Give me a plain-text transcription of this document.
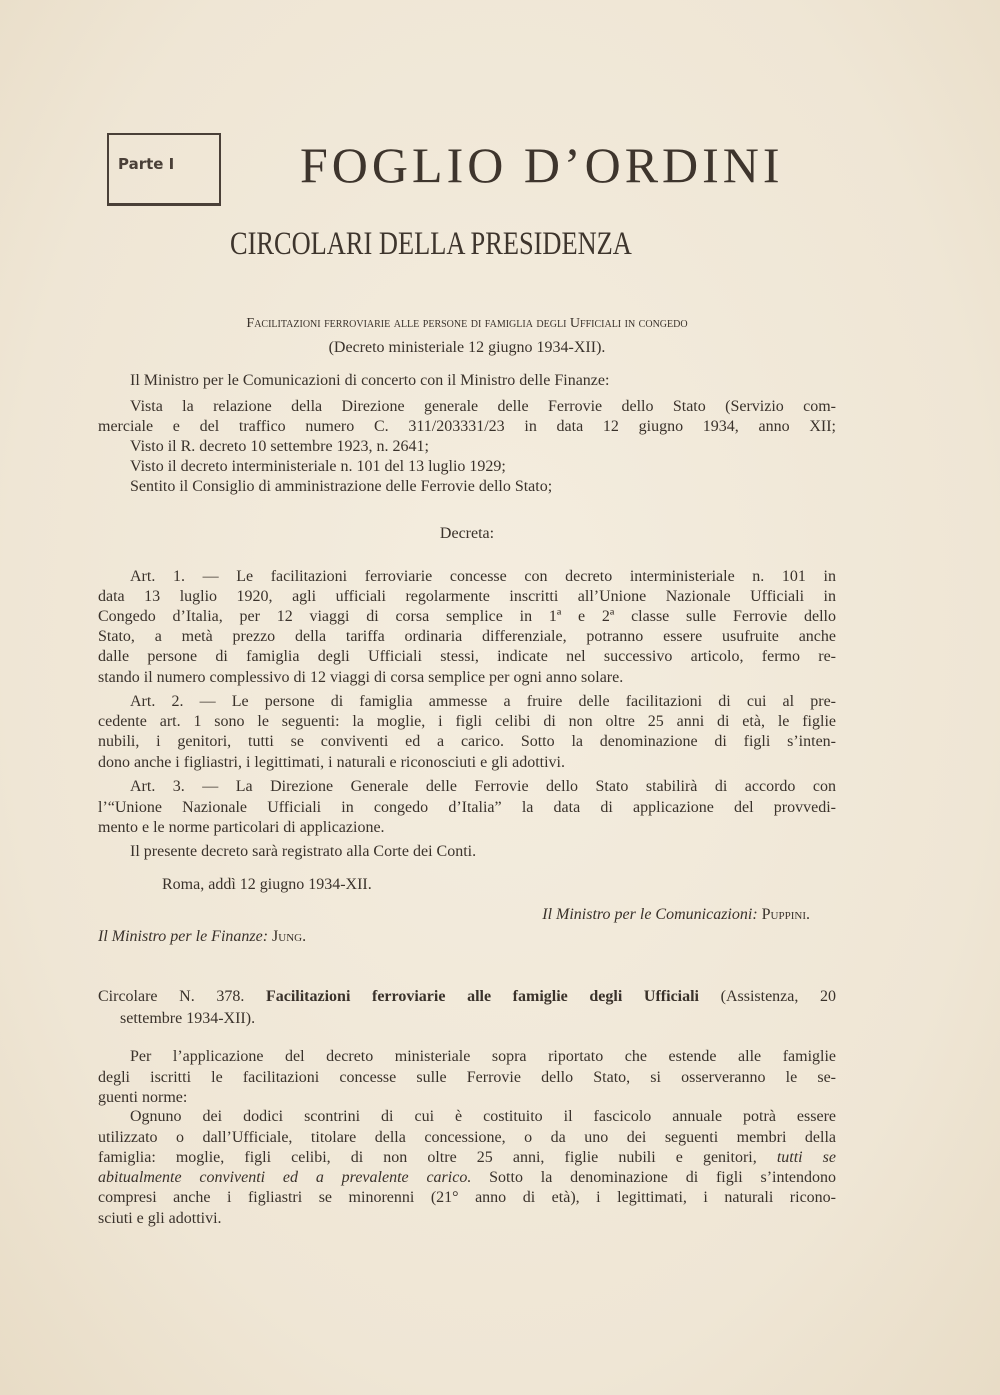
Parte I	FOGLIO D’ORDINI
CIRCOLARI DELLA PRESIDENZA
Facilitazioni ferroviarie alle persone di famiglia degli Ufficiali in congedo
(Decreto ministeriale 12 giugno 1934-XII).
Il Ministro per le Comunicazioni di concerto con il Ministro delle Finanze:
Vista la relazione della Direzione generale delle Ferrovie dello Stato (Servizio com-
merciale e del traffico numero C. 311/203331/23 in data 12 giugno 1934, anno XII;
Visto il R. decreto 10 settembre 1923, n. 2641;
Visto il decreto interministeriale n. 101 del 13 luglio 1929;
Sentito il Consiglio di amministrazione delle Ferrovie dello Stato;
Decreta:
Art. 1. — Le facilitazioni ferroviarie concesse con decreto interministeriale n. 101 in
data 13 luglio 1920, agli ufficiali regolarmente inscritti all’Unione Nazionale Ufficiali in
Congedo d’Italia, per 12 viaggi di corsa semplice in 1ª e 2ª classe sulle Ferrovie dello
Stato, a metà prezzo della tariffa ordinaria differenziale, potranno essere usufruite anche
dalle persone di famiglia degli Ufficiali stessi, indicate nel successivo articolo, fermo re-
stando il numero complessivo di 12 viaggi di corsa semplice per ogni anno solare.
Art. 2. — Le persone di famiglia ammesse a fruire delle facilitazioni di cui al pre-
cedente art. 1 sono le seguenti: la moglie, i figli celibi di non oltre 25 anni di età, le figlie
nubili, i genitori, tutti se conviventi ed a carico. Sotto la denominazione di figli s’inten-
dono anche i figliastri, i legittimati, i naturali e riconosciuti e gli adottivi.
Art. 3. — La Direzione Generale delle Ferrovie dello Stato stabilirà di accordo con
l’“Unione Nazionale Ufficiali in congedo d’Italia” la data di applicazione del provvedi-
mento e le norme particolari di applicazione.
Il presente decreto sarà registrato alla Corte dei Conti.
Roma, addì 12 giugno 1934-XII.
Il Ministro per le Comunicazioni: Puppini.
Il Ministro per le Finanze: Jung.
Circolare N. 378. Facilitazioni ferroviarie alle famiglie degli Ufficiali (Assistenza, 20
settembre 1934-XII).
Per l’applicazione del decreto ministeriale sopra riportato che estende alle famiglie
degli iscritti le facilitazioni concesse sulle Ferrovie dello Stato, si osserveranno le se-
guenti norme:
Ognuno dei dodici scontrini di cui è costituito il fascicolo annuale potrà essere
utilizzato o dall’Ufficiale, titolare della concessione, o da uno dei seguenti membri della
famiglia: moglie, figli celibi, di non oltre 25 anni, figlie nubili e genitori, tutti se
abitualmente conviventi ed a prevalente carico. Sotto la denominazione di figli s’intendono
compresi anche i figliastri se minorenni (21° anno di età), i legittimati, i naturali ricono-
sciuti e gli adottivi.
